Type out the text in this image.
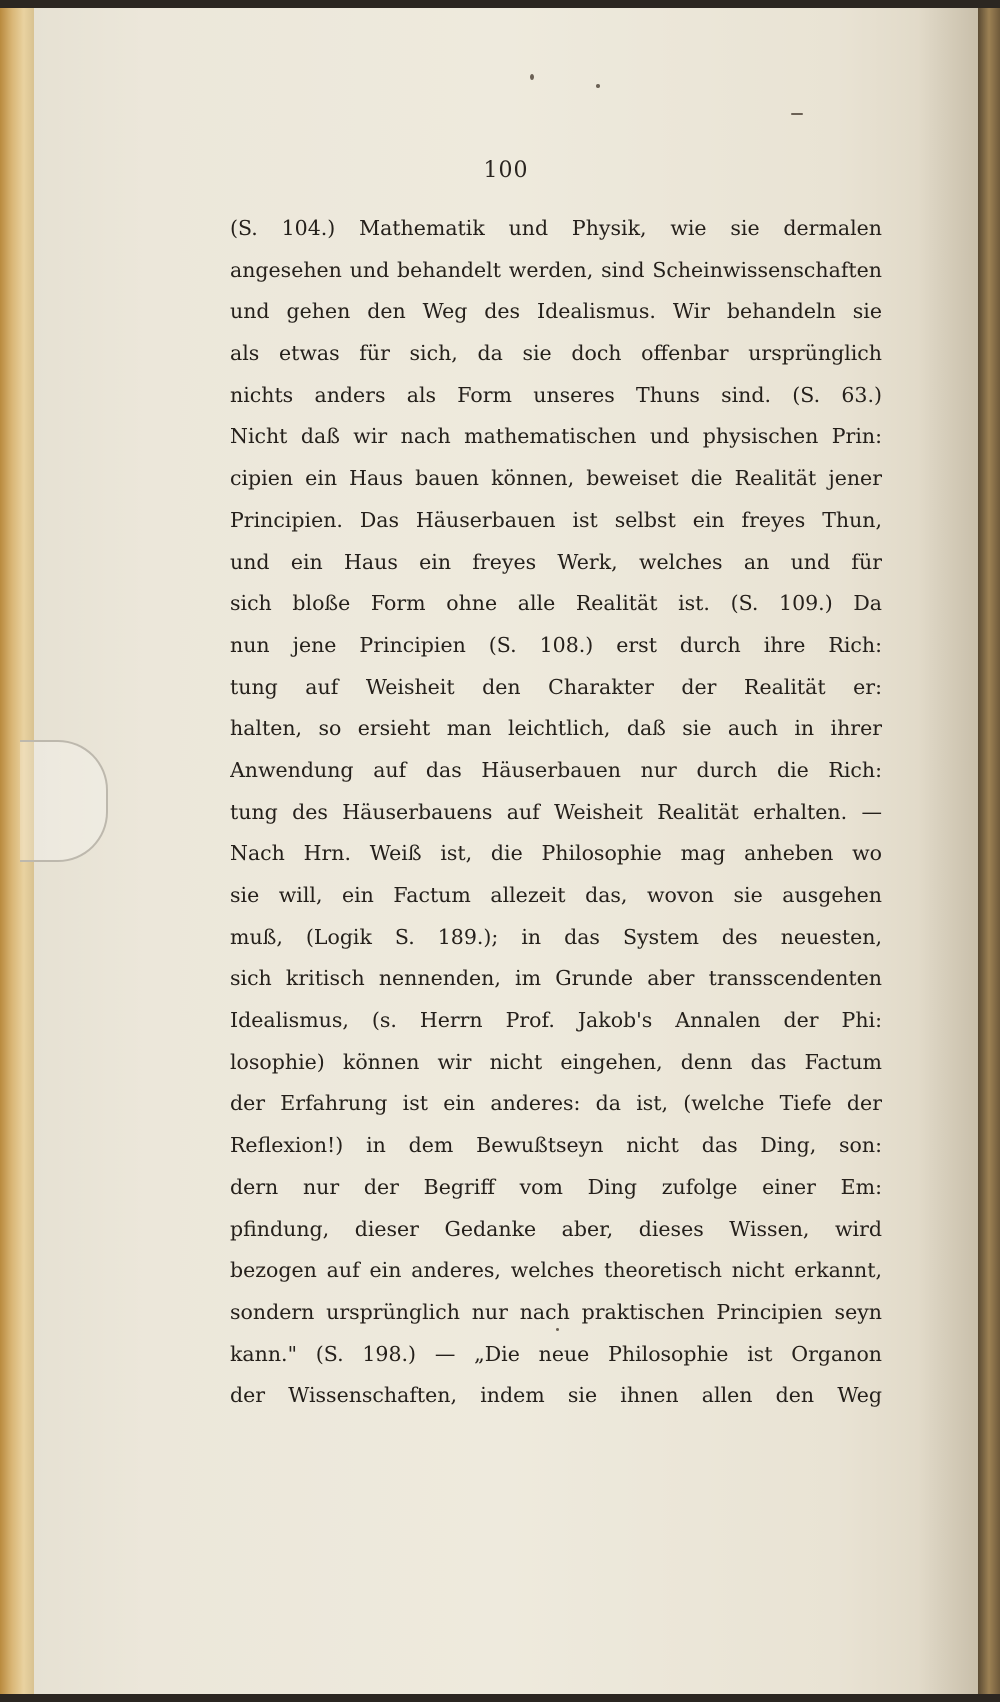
100
(S. 104.) Mathematik und Physik, wie sie dermalen
angesehen und behandelt werden, sind Scheinwissenschaften
und gehen den Weg des Idealismus. Wir behandeln sie
als etwas für sich, da sie doch offenbar ursprünglich
nichts anders als Form unseres Thuns sind. (S. 63.)
Nicht daß wir nach mathematischen und physischen Prin:
cipien ein Haus bauen können, beweiset die Realität jener
Principien. Das Häuserbauen ist selbst ein freyes Thun,
und ein Haus ein freyes Werk, welches an und für
sich bloße Form ohne alle Realität ist. (S. 109.) Da
nun jene Principien (S. 108.) erst durch ihre Rich:
tung auf Weisheit den Charakter der Realität er:
halten, so ersieht man leichtlich, daß sie auch in ihrer
Anwendung auf das Häuserbauen nur durch die Rich:
tung des Häuserbauens auf Weisheit Realität erhalten. —
Nach Hrn. Weiß ist, die Philosophie mag anheben wo
sie will, ein Factum allezeit das, wovon sie ausgehen
muß, (Logik S. 189.); in das System des neuesten,
sich kritisch nennenden, im Grunde aber transscendenten
Idealismus, (s. Herrn Prof. Jakob's Annalen der Phi:
losophie) können wir nicht eingehen, denn das Factum
der Erfahrung ist ein anderes: da ist, (welche Tiefe der
Reflexion!) in dem Bewußtseyn nicht das Ding, son:
dern nur der Begriff vom Ding zufolge einer Em:
pfindung, dieser Gedanke aber, dieses Wissen, wird
bezogen auf ein anderes, welches theoretisch nicht erkannt,
sondern ursprünglich nur nach praktischen Principien seyn
kann." (S. 198.) — „Die neue Philosophie ist Organon
der Wissenschaften, indem sie ihnen allen den Weg
